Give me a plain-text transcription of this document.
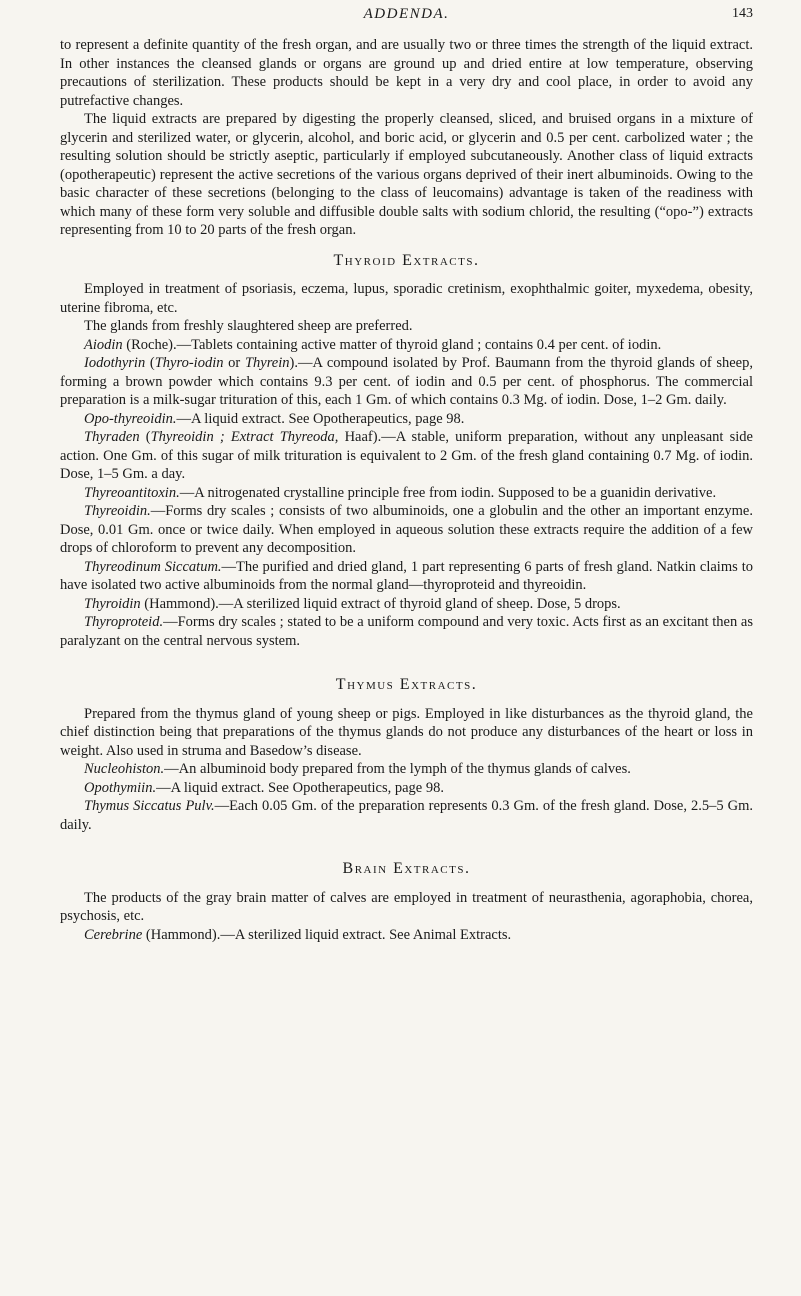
ADDENDA.	143

to represent a definite quantity of the fresh organ, and are usually two or three times the strength of the liquid extract. In other instances the cleansed glands or organs are ground up and dried entire at low temperature, observing precautions of sterilization. These products should be kept in a very dry and cool place, in order to avoid any putrefactive changes.

The liquid extracts are prepared by digesting the properly cleansed, sliced, and bruised organs in a mixture of glycerin and sterilized water, or glycerin, alcohol, and boric acid, or glycerin and 0.5 per cent. carbolized water ; the resulting solution should be strictly aseptic, particularly if employed subcutaneously. Another class of liquid extracts (opotherapeutic) represent the active secretions of the various organs deprived of their inert albuminoids. Owing to the basic character of these secretions (belonging to the class of leucomains) advantage is taken of the readiness with which many of these form very soluble and diffusible double salts with sodium chlorid, the resulting (“opo-”) extracts representing from 10 to 20 parts of the fresh organ.

Thyroid Extracts.

Employed in treatment of psoriasis, eczema, lupus, sporadic cretinism, exophthalmic goiter, myxedema, obesity, uterine fibroma, etc.

The glands from freshly slaughtered sheep are preferred.

Aiodin (Roche).—Tablets containing active matter of thyroid gland ; contains 0.4 per cent. of iodin.

Iodothyrin (Thyro-iodin or Thyrein).—A compound isolated by Prof. Baumann from the thyroid glands of sheep, forming a brown powder which contains 9.3 per cent. of iodin and 0.5 per cent. of phosphorus. The commercial preparation is a milk-sugar trituration of this, each 1 Gm. of which contains 0.3 Mg. of iodin. Dose, 1–2 Gm. daily.

Opo-thyreoidin.—A liquid extract. See Opotherapeutics, page 98.

Thyraden (Thyreoidin ; Extract Thyreoda, Haaf).—A stable, uniform preparation, without any unpleasant side action. One Gm. of this sugar of milk trituration is equivalent to 2 Gm. of the fresh gland containing 0.7 Mg. of iodin. Dose, 1–5 Gm. a day.

Thyreoantitoxin.—A nitrogenated crystalline principle free from iodin. Supposed to be a guanidin derivative.

Thyreoidin.—Forms dry scales ; consists of two albuminoids, one a globulin and the other an important enzyme. Dose, 0.01 Gm. once or twice daily. When employed in aqueous solution these extracts require the addition of a few drops of chloroform to prevent any decomposition.

Thyreodinum Siccatum.—The purified and dried gland, 1 part representing 6 parts of fresh gland. Natkin claims to have isolated two active albuminoids from the normal gland—thyroproteid and thyreoidin.

Thyroidin (Hammond).—A sterilized liquid extract of thyroid gland of sheep. Dose, 5 drops.

Thyroproteid.—Forms dry scales ; stated to be a uniform compound and very toxic. Acts first as an excitant then as paralyzant on the central nervous system.

Thymus Extracts.

Prepared from the thymus gland of young sheep or pigs. Employed in like disturbances as the thyroid gland, the chief distinction being that preparations of the thymus glands do not produce any disturbances of the heart or loss in weight. Also used in struma and Basedow’s disease.

Nucleohiston.—An albuminoid body prepared from the lymph of the thymus glands of calves.

Opothymiin.—A liquid extract. See Opotherapeutics, page 98.

Thymus Siccatus Pulv.—Each 0.05 Gm. of the preparation represents 0.3 Gm. of the fresh gland. Dose, 2.5–5 Gm. daily.

Brain Extracts.

The products of the gray brain matter of calves are employed in treatment of neurasthenia, agoraphobia, chorea, psychosis, etc.

Cerebrine (Hammond).—A sterilized liquid extract. See Animal Extracts.
